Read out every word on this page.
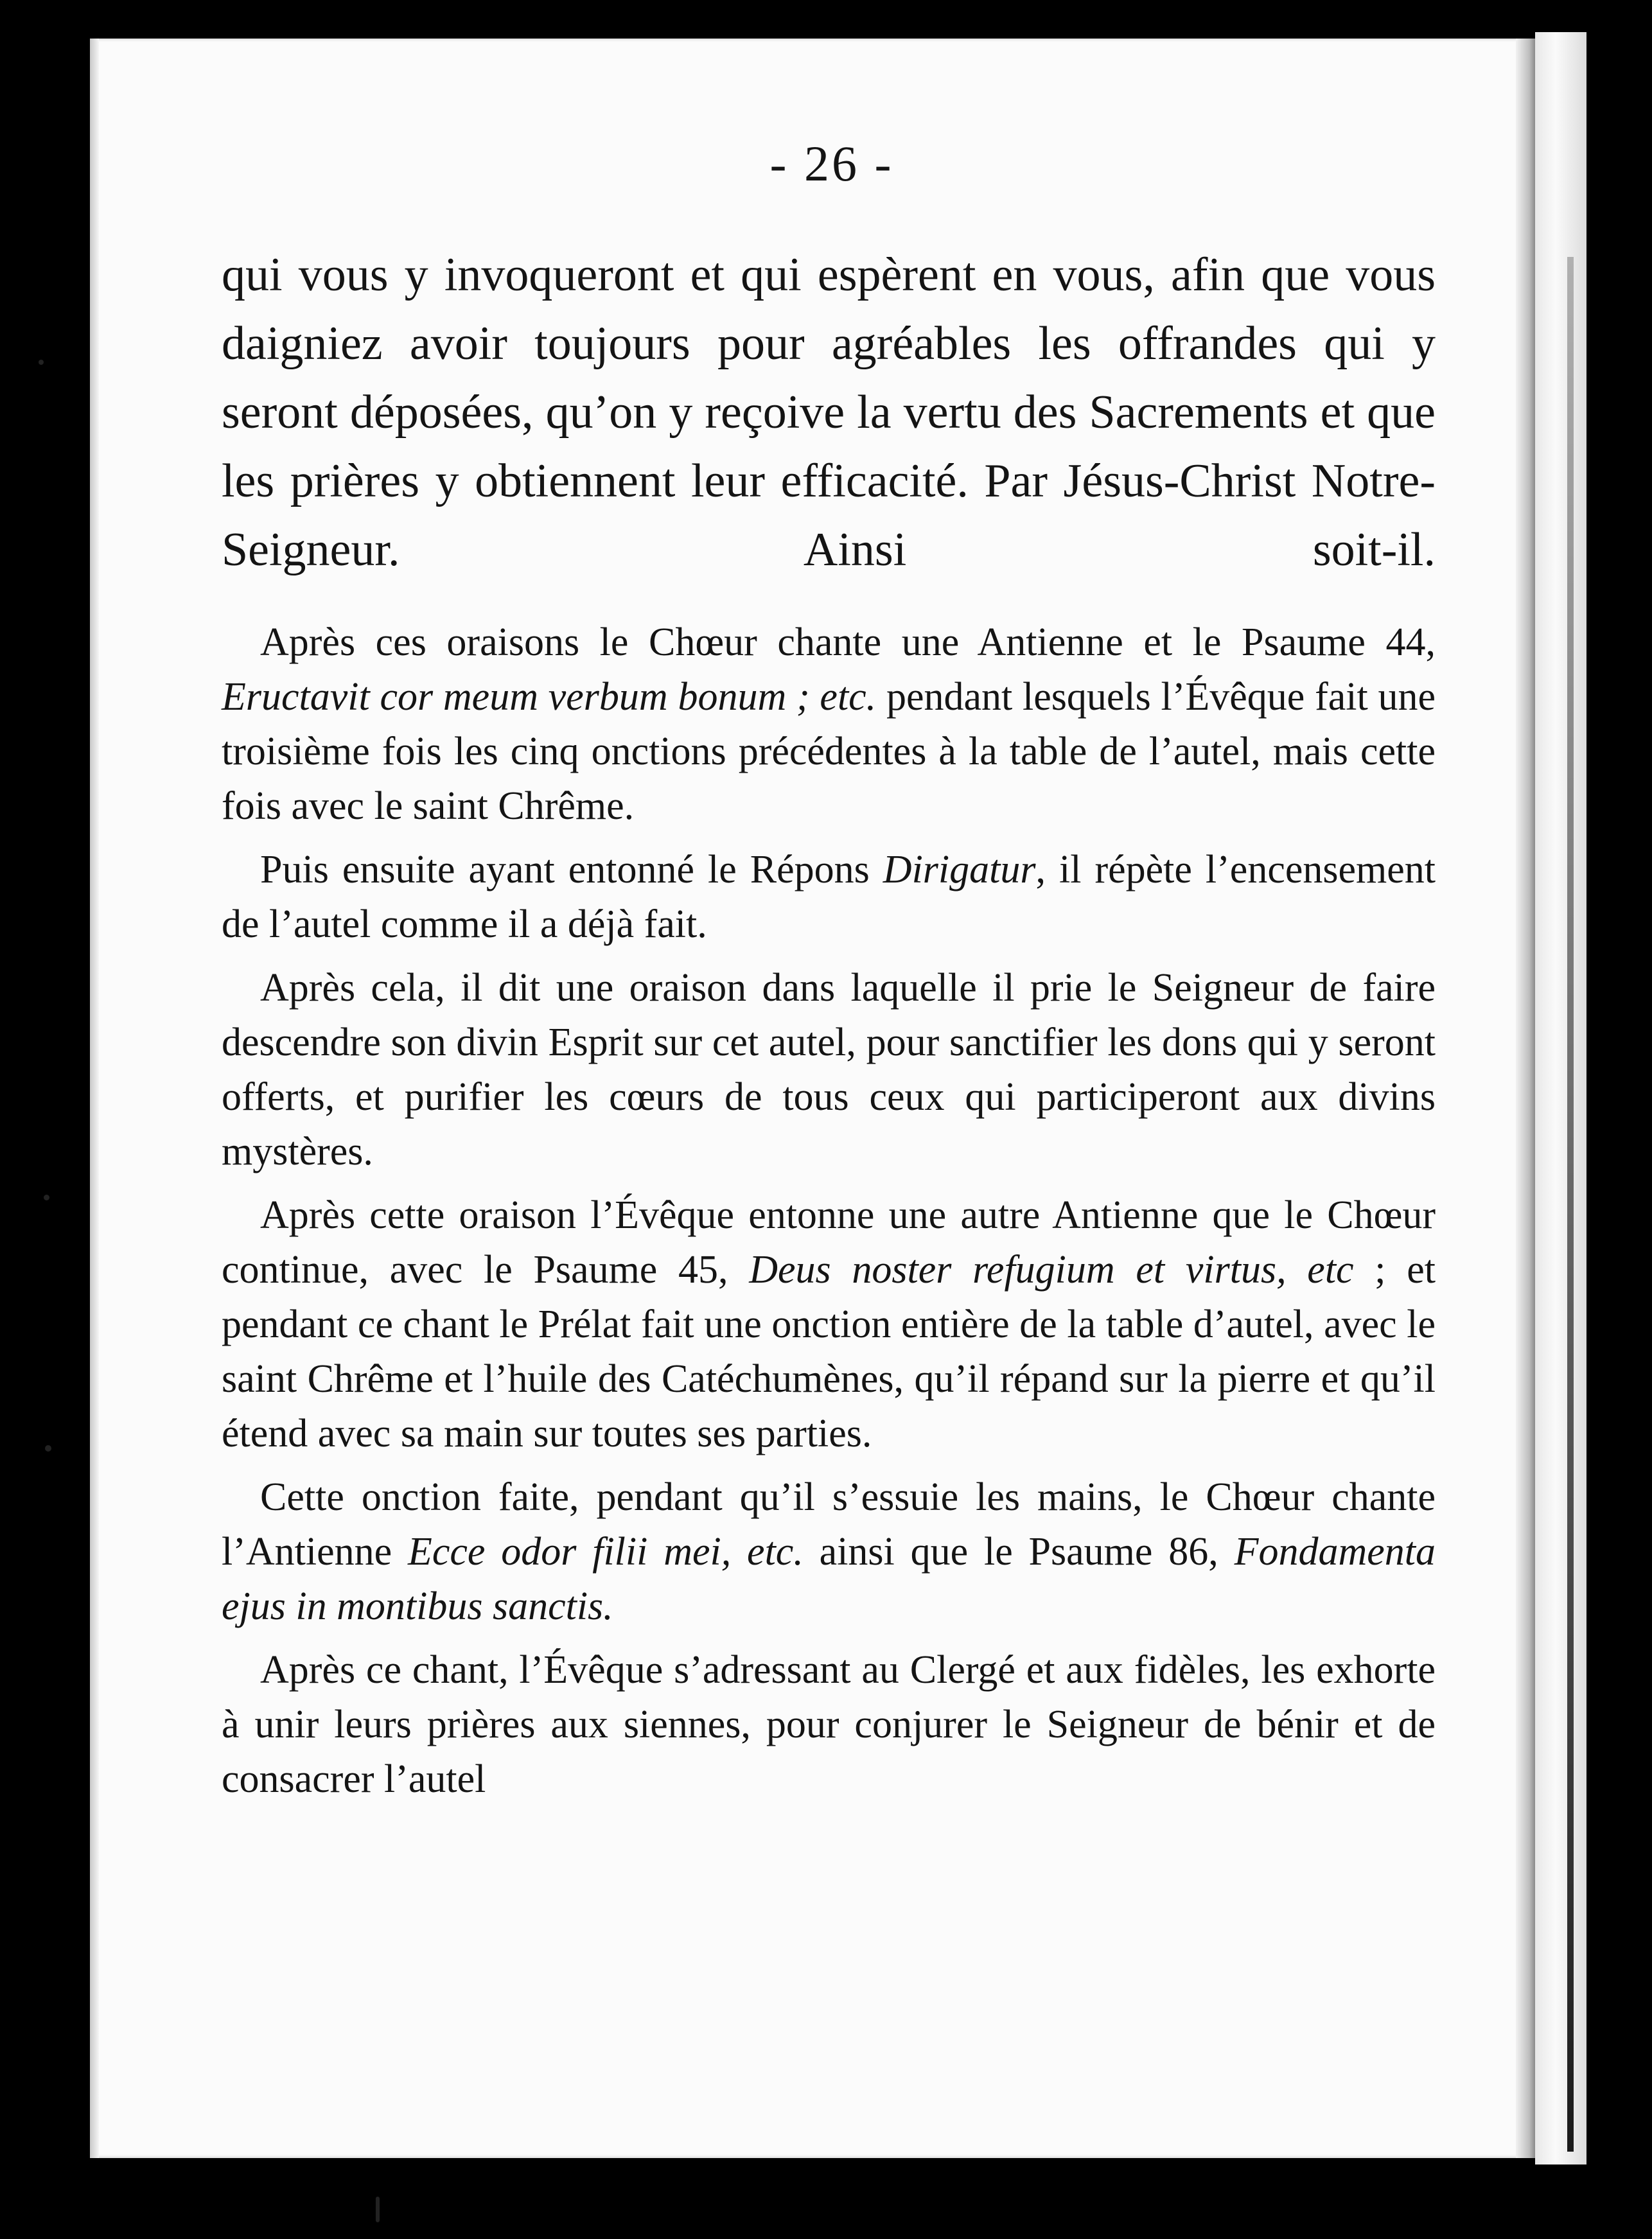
- 26 -

qui vous y invoqueront et qui espèrent en vous, afin que vous daigniez avoir toujours pour agréables les offrandes qui y seront déposées, qu’on y reçoive la vertu des Sacrements et que les prières y obtiennent leur efficacité. Par Jésus-Christ Notre-Seigneur. Ainsi soit-il.

Après ces oraisons le Chœur chante une Antienne et le Psaume 44, Eructavit cor meum verbum bonum ; etc. pendant lesquels l’Évêque fait une troisième fois les cinq onctions précédentes à la table de l’autel, mais cette fois avec le saint Chrême.

Puis ensuite ayant entonné le Répons Dirigatur, il répète l’encensement de l’autel comme il a déjà fait.

Après cela, il dit une oraison dans laquelle il prie le Seigneur de faire descendre son divin Esprit sur cet autel, pour sanctifier les dons qui y seront offerts, et purifier les cœurs de tous ceux qui participeront aux divins mystères.

Après cette oraison l’Évêque entonne une autre Antienne que le Chœur continue, avec le Psaume 45, Deus noster refugium et virtus, etc ; et pendant ce chant le Prélat fait une onction entière de la table d’autel, avec le saint Chrême et l’huile des Catéchumènes, qu’il répand sur la pierre et qu’il étend avec sa main sur toutes ses parties.

Cette onction faite, pendant qu’il s’essuie les mains, le Chœur chante l’Antienne Ecce odor filii mei, etc. ainsi que le Psaume 86, Fondamenta ejus in montibus sanctis.

Après ce chant, l’Évêque s’adressant au Clergé et aux fidèles, les exhorte à unir leurs prières aux siennes, pour conjurer le Seigneur de bénir et de consacrer l’autel
